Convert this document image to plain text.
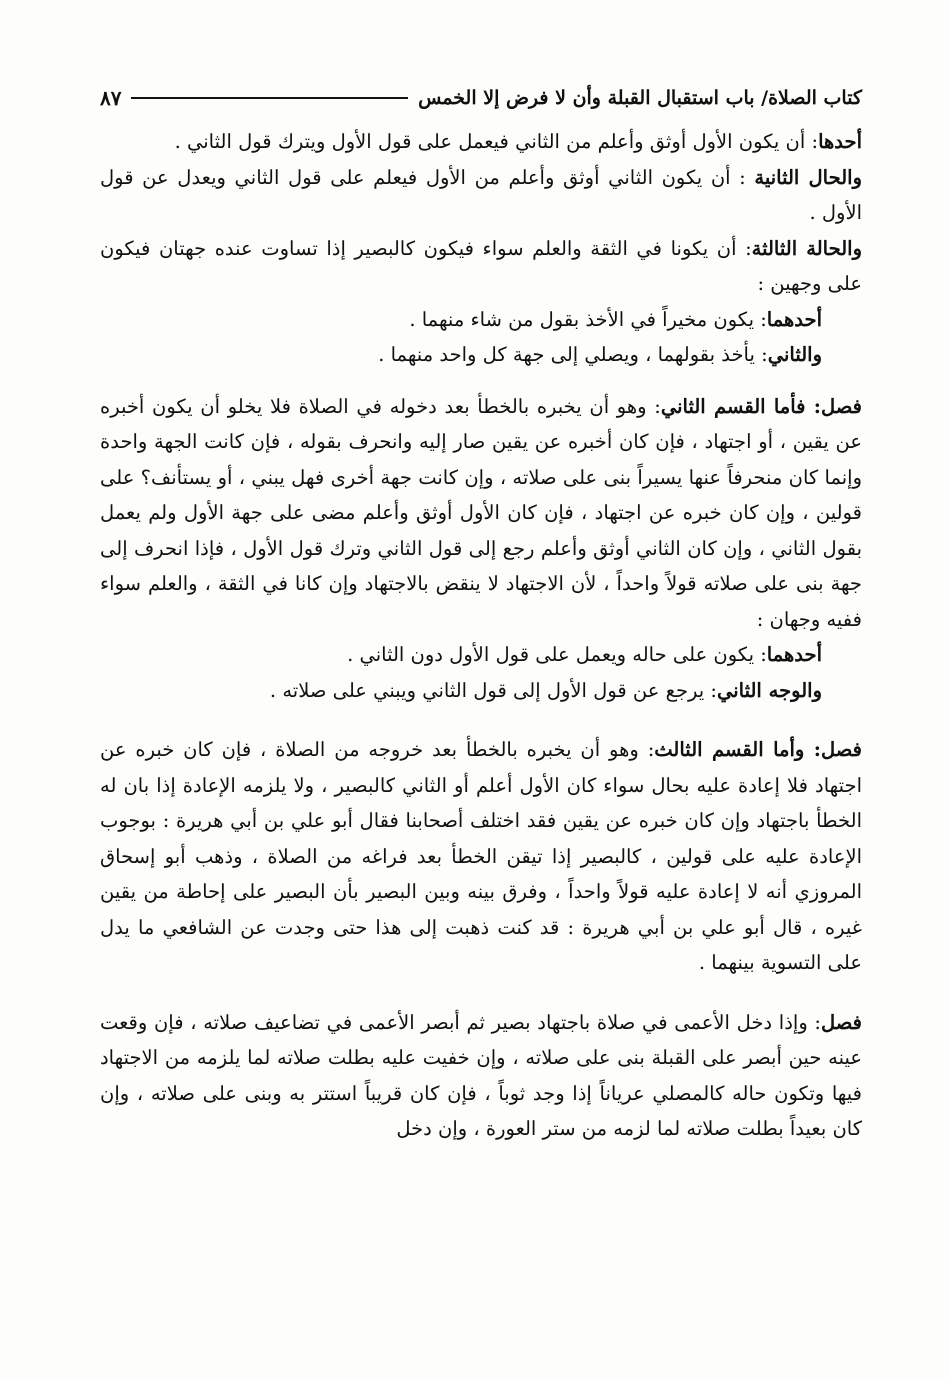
كتاب الصلاة/ باب استقبال القبلة وأن لا فرض إلا الخمس
٨٧

أحدها: أن يكون الأول أوثق وأعلم من الثاني فيعمل على قول الأول ويترك قول الثاني .

والحال الثانية : أن يكون الثاني أوثق وأعلم من الأول فيعلم على قول الثاني ويعدل عن قول الأول .

والحالة الثالثة: أن يكونا في الثقة والعلم سواء فيكون كالبصير إذا تساوت عنده جهتان فيكون على وجهين :

أحدهما: يكون مخيراً في الأخذ بقول من شاء منهما .

والثاني: يأخذ بقولهما ، ويصلي إلى جهة كل واحد منهما .

فصل: فأما القسم الثاني: وهو أن يخبره بالخطأ بعد دخوله في الصلاة فلا يخلو أن يكون أخبره عن يقين ، أو اجتهاد ، فإن كان أخبره عن يقين صار إليه وانحرف بقوله ، فإن كانت الجهة واحدة وإنما كان منحرفاً عنها يسيراً بنى على صلاته ، وإن كانت جهة أخرى فهل يبني ، أو يستأنف؟ على قولين ، وإن كان خبره عن اجتهاد ، فإن كان الأول أوثق وأعلم مضى على جهة الأول ولم يعمل بقول الثاني ، وإن كان الثاني أوثق وأعلم رجع إلى قول الثاني وترك قول الأول ، فإذا انحرف إلى جهة بنى على صلاته قولاً واحداً ، لأن الاجتهاد لا ينقض بالاجتهاد وإن كانا في الثقة ، والعلم سواء ففيه وجهان :

أحدهما: يكون على حاله ويعمل على قول الأول دون الثاني .

والوجه الثاني: يرجع عن قول الأول إلى قول الثاني ويبني على صلاته .

فصل: وأما القسم الثالث: وهو أن يخبره بالخطأ بعد خروجه من الصلاة ، فإن كان خبره عن اجتهاد فلا إعادة عليه بحال سواء كان الأول أعلم أو الثاني كالبصير ، ولا يلزمه الإعادة إذا بان له الخطأ باجتهاد وإن كان خبره عن يقين فقد اختلف أصحابنا فقال أبو علي بن أبي هريرة : بوجوب الإعادة عليه على قولين ، كالبصير إذا تيقن الخطأ بعد فراغه من الصلاة ، وذهب أبو إسحاق المروزي أنه لا إعادة عليه قولاً واحداً ، وفرق بينه وبين البصير بأن البصير على إحاطة من يقين غيره ، قال أبو علي بن أبي هريرة : قد كنت ذهبت إلى هذا حتى وجدت عن الشافعي ما يدل على التسوية بينهما .

فصل: وإذا دخل الأعمى في صلاة باجتهاد بصير ثم أبصر الأعمى في تضاعيف صلاته ، فإن وقعت عينه حين أبصر على القبلة بنى على صلاته ، وإن خفيت عليه بطلت صلاته لما يلزمه من الاجتهاد فيها وتكون حاله كالمصلي عرياناً إذا وجد ثوباً ، فإن كان قريباً استتر به وبنى على صلاته ، وإن كان بعيداً بطلت صلاته لما لزمه من ستر العورة ، وإن دخل
